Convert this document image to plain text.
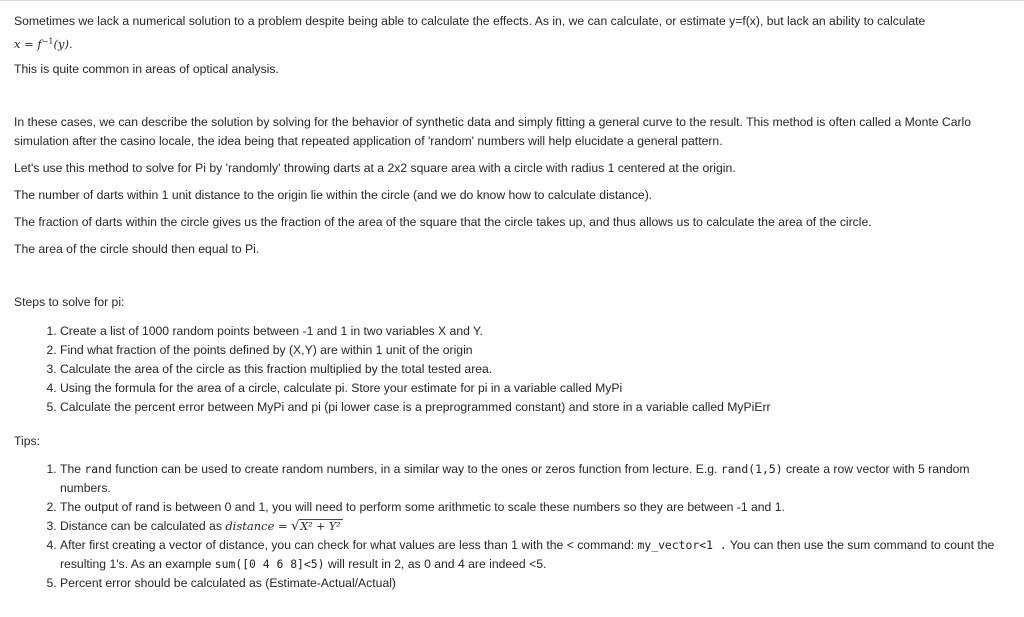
Sometimes we lack a numerical solution to a problem despite being able to calculate the effects. As in, we can calculate, or estimate y=f(x), but lack an ability to calculate

$x = f^{-1}(y)$.

This is quite common in areas of optical analysis.

In these cases, we can describe the solution by solving for the behavior of synthetic data and simply fitting a general curve to the result. This method is often called a Monte Carlo simulation after the casino locale, the idea being that repeated application of 'random' numbers will help elucidate a general pattern.

Let's use this method to solve for Pi by 'randomly' throwing darts at a 2x2 square area with a circle with radius 1 centered at the origin.

The number of darts within 1 unit distance to the origin lie within the circle (and we do know how to calculate distance).

The fraction of darts within the circle gives us the fraction of the area of the square that the circle takes up, and thus allows us to calculate the area of the circle.

The area of the circle should then equal to Pi.

Steps to solve for pi:

1. Create a list of 1000 random points between -1 and 1 in two variables X and Y.
2. Find what fraction of the points defined by (X,Y) are within 1 unit of the origin
3. Calculate the area of the circle as this fraction multiplied by the total tested area.
4. Using the formula for the area of a circle, calculate pi. Store your estimate for pi in a variable called MyPi
5. Calculate the percent error between MyPi and pi (pi lower case is a preprogrammed constant) and store in a variable called MyPiErr

Tips:

1. The rand function can be used to create random numbers, in a similar way to the ones or zeros function from lecture. E.g. rand(1,5) create a row vector with 5 random numbers.
2. The output of rand is between 0 and 1, you will need to perform some arithmetic to scale these numbers so they are between -1 and 1.
3. Distance can be calculated as distance = √X² + Y²
4. After first creating a vector of distance, you can check for what values are less than 1 with the < command: my_vector<1 . You can then use the sum command to count the resulting 1's. As an example sum([0 4 6 8]<5) will result in 2, as 0 and 4 are indeed <5.
5. Percent error should be calculated as (Estimate-Actual/Actual)
